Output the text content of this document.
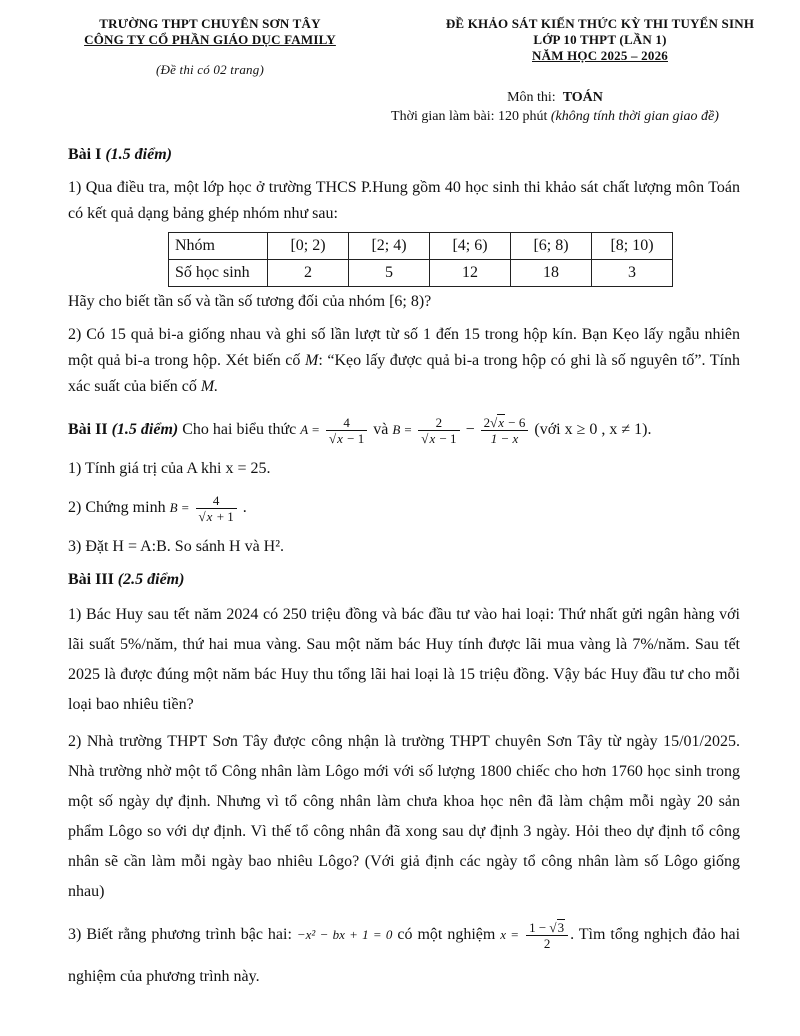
TRƯỜNG THPT CHUYÊN SƠN TÂY
CÔNG TY CỔ PHẦN GIÁO DỤC FAMILY
(Đề thi có 02 trang)
ĐỀ KHẢO SÁT KIẾN THỨC KỲ THI TUYỂN SINH
LỚP 10 THPT (LẦN 1)
NĂM HỌC 2025 – 2026
Môn thi: TOÁN
Thời gian làm bài: 120 phút (không tính thời gian giao đề)

Bài I (1.5 điểm)

1) Qua điều tra, một lớp học ở trường THCS P.Hung gồm 40 học sinh thi khảo sát chất lượng môn Toán có kết quả dạng bảng ghép nhóm như sau:

Nhóm	[0; 2)	[2; 4)	[4; 6)	[6; 8)	[8; 10)
Số học sinh	2	5	12	18	3

Hãy cho biết tần số và tần số tương đối của nhóm [6; 8)?

2) Có 15 quả bi-a giống nhau và ghi số lần lượt từ số 1 đến 15 trong hộp kín. Bạn Kẹo lấy ngẫu nhiên một quả bi-a trong hộp. Xét biến cố M: “Kẹo lấy được quả bi-a trong hộp có ghi là số nguyên tố”. Tính xác suất của biến cố M.

Bài II (1.5 điểm) Cho hai biểu thức $A = \frac{4}{√x - 1}$ và $B = \frac{2}{√x - 1} - \frac{2√x - 6}{1 - x}$ (với x ≥ 0 , x ≠ 1).

1) Tính giá trị của A khi x = 25.

2) Chứng minh $B = \frac{4}{√x + 1}$ .

3) Đặt H = A:B. So sánh H và H².

Bài III (2.5 điểm)

1) Bác Huy sau tết năm 2024 có 250 triệu đồng và bác đầu tư vào hai loại: Thứ nhất gửi ngân hàng với lãi suất 5%/năm, thứ hai mua vàng. Sau một năm bác Huy tính được lãi mua vàng là 7%/năm. Sau tết 2025 là được đúng một năm bác Huy thu tổng lãi hai loại là 15 triệu đồng. Vậy bác Huy đầu tư cho mỗi loại bao nhiêu tiền?

2) Nhà trường THPT Sơn Tây được công nhận là trường THPT chuyên Sơn Tây từ ngày 15/01/2025. Nhà trường nhờ một tổ Công nhân làm Lôgo mới với số lượng 1800 chiếc cho hơn 1760 học sinh trong một số ngày dự định. Nhưng vì tổ công nhân làm chưa khoa học nên đã làm chậm mỗi ngày 20 sản phẩm Lôgo so với dự định. Vì thế tổ công nhân đã xong sau dự định 3 ngày. Hỏi theo dự định tổ công nhân sẽ cần làm mỗi ngày bao nhiêu Lôgo? (Với giả định các ngày tổ công nhân làm số Lôgo giống nhau)

3) Biết rằng phương trình bậc hai: −x² − bx + 1 = 0 có một nghiệm $x = \frac{1 - √3}{2}$ . Tìm tổng nghịch đảo hai nghiệm của phương trình này.
